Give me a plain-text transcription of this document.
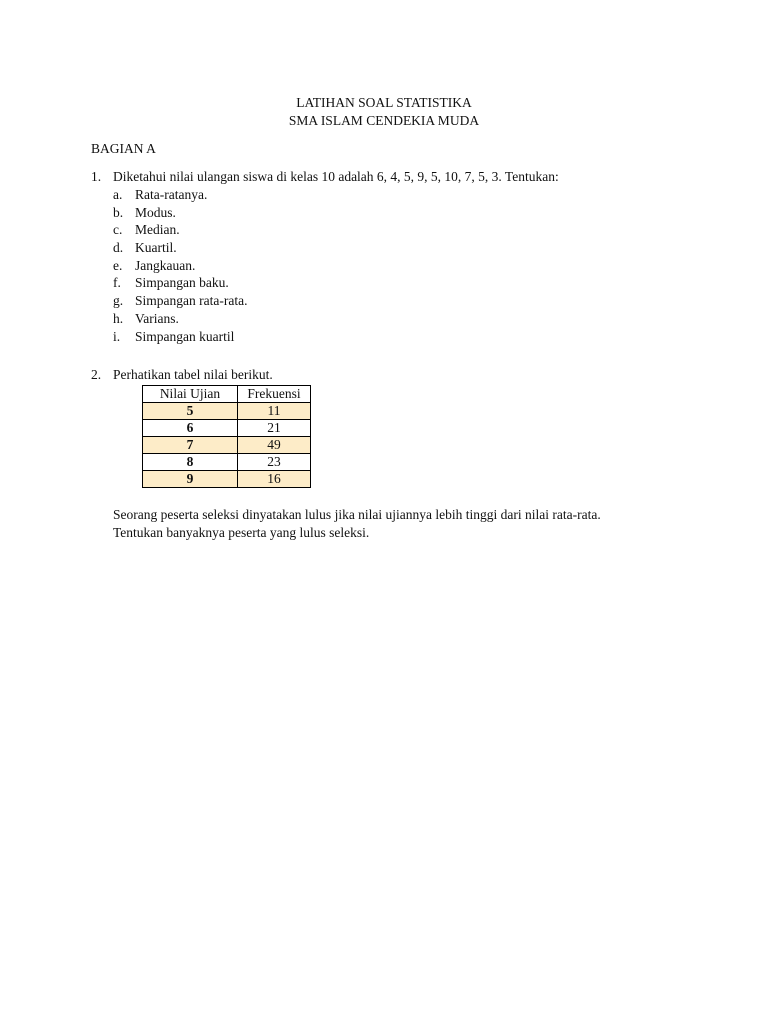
LATIHAN SOAL STATISTIKA
SMA ISLAM CENDEKIA MUDA
BAGIAN A
1. Diketahui nilai ulangan siswa di kelas 10 adalah 6, 4, 5, 9, 5, 10, 7, 5, 3. Tentukan:
a. Rata-ratanya.
b. Modus.
c. Median.
d. Kuartil.
e. Jangkauan.
f.	Simpangan baku.
g. Simpangan rata-rata.
h. Varians.
i.	Simpangan kuartil
2. Perhatikan tabel nilai berikut.
Nilai Ujian	Frekuensi
5	11
6	21
7	49
8	23
9	16
Seorang peserta seleksi dinyatakan lulus jika nilai ujiannya lebih tinggi dari nilai rata-rata.
Tentukan banyaknya peserta yang lulus seleksi.
